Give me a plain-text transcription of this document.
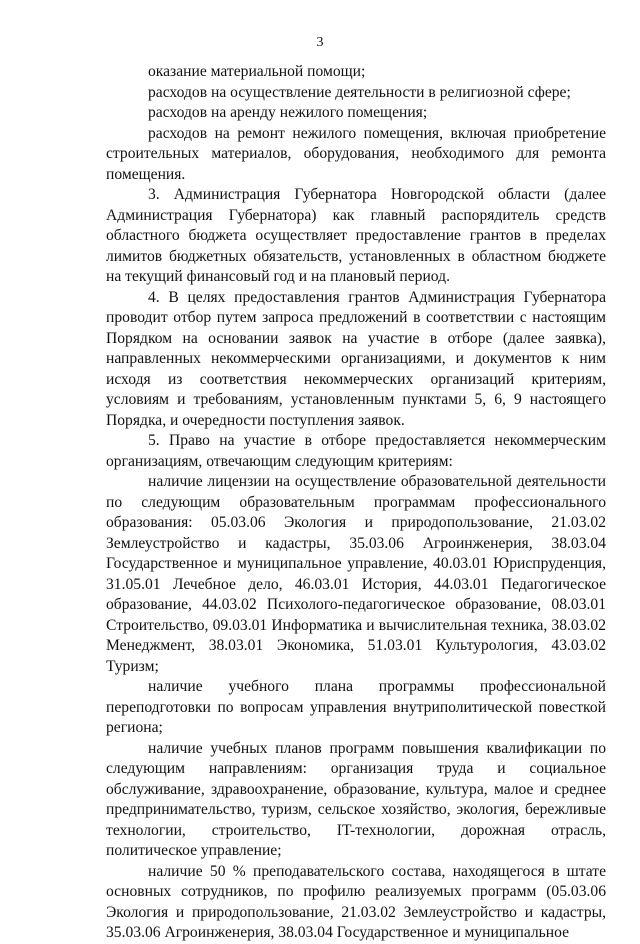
3

оказание материальной помощи;

расходов на осуществление деятельности в религиозной сфере;

расходов на аренду нежилого помещения;

расходов на ремонт нежилого помещения, включая приобретение строительных материалов, оборудования, необходимого для ремонта помещения.

3. Администрация Губернатора Новгородской области (далее Администрация Губернатора) как главный распорядитель средств областного бюджета осуществляет предоставление грантов в пределах лимитов бюджетных обязательств, установленных в областном бюджете на текущий финансовый год и на плановый период.

4. В целях предоставления грантов Администрация Губернатора проводит отбор путем запроса предложений в соответствии с настоящим Порядком на основании заявок на участие в отборе (далее заявка), направленных некоммерческими организациями, и документов к ним исходя из соответствия некоммерческих организаций критериям, условиям и требованиям, установленным пунктами 5, 6, 9 настоящего Порядка, и очередности поступления заявок.

5. Право на участие в отборе предоставляется некоммерческим организациям, отвечающим следующим критериям:

наличие лицензии на осуществление образовательной деятельности по следующим образовательным программам профессионального образования: 05.03.06 Экология и природопользование, 21.03.02 Землеустройство и кадастры, 35.03.06 Агроинженерия, 38.03.04 Государственное и муниципальное управление, 40.03.01 Юриспруденция, 31.05.01 Лечебное дело, 46.03.01 История, 44.03.01 Педагогическое образование, 44.03.02 Психолого-педагогическое образование, 08.03.01 Строительство, 09.03.01 Информатика и вычислительная техника, 38.03.02 Менеджмент, 38.03.01 Экономика, 51.03.01 Культурология, 43.03.02 Туризм;

наличие учебного плана программы профессиональной переподготовки по вопросам управления внутриполитической повесткой региона;

наличие учебных планов программ повышения квалификации по следующим направлениям: организация труда и социальное обслуживание, здравоохранение, образование, культура, малое и среднее предпринимательство, туризм, сельское хозяйство, экология, бережливые технологии, строительство, IT-технологии, дорожная отрасль, политическое управление;

наличие 50 % преподавательского состава, находящегося в штате основных сотрудников, по профилю реализуемых программ (05.03.06 Экология и природопользование, 21.03.02 Землеустройство и кадастры, 35.03.06 Агроинженерия, 38.03.04 Государственное и муниципальное
